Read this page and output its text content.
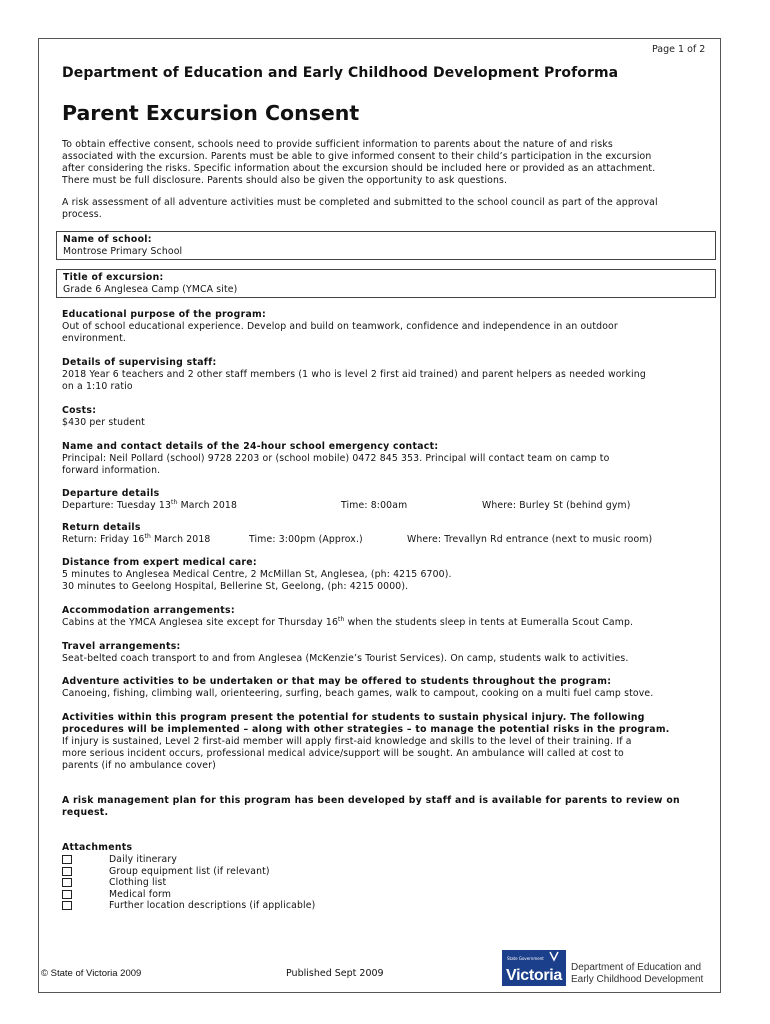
Page 1 of 2
Department of Education and Early Childhood Development Proforma
Parent Excursion Consent
To obtain effective consent, schools need to provide sufficient information to parents about the nature of and risks
associated with the excursion. Parents must be able to give informed consent to their child’s participation in the excursion
after considering the risks. Specific information about the excursion should be included here or provided as an attachment.
There must be full disclosure. Parents should also be given the opportunity to ask questions.
A risk assessment of all adventure activities must be completed and submitted to the school council as part of the approval
process.
Name of school:
Montrose Primary School
Title of excursion:
Grade 6 Anglesea Camp (YMCA site)
Educational purpose of the program:
Out of school educational experience. Develop and build on teamwork, confidence and independence in an outdoor
environment.
Details of supervising staff:
2018 Year 6 teachers and 2 other staff members (1 who is level 2 first aid trained) and parent helpers as needed working
on a 1:10 ratio
Costs:
$430 per student
Name and contact details of the 24-hour school emergency contact:
Principal: Neil Pollard (school) 9728 2203 or (school mobile) 0472 845 353. Principal will contact team on camp to
forward information.
Departure details
Departure: Tuesday 13th March 2018	Time: 8:00am	Where: Burley St (behind gym)
Return details
Return: Friday 16th March 2018	Time: 3:00pm (Approx.)	Where: Trevallyn Rd entrance (next to music room)
Distance from expert medical care:
5 minutes to Anglesea Medical Centre, 2 McMillan St, Anglesea, (ph: 4215 6700).
30 minutes to Geelong Hospital, Bellerine St, Geelong, (ph: 4215 0000).
Accommodation arrangements:
Cabins at the YMCA Anglesea site except for Thursday 16th when the students sleep in tents at Eumeralla Scout Camp.
Travel arrangements:
Seat-belted coach transport to and from Anglesea (McKenzie’s Tourist Services). On camp, students walk to activities.
Adventure activities to be undertaken or that may be offered to students throughout the program:
Canoeing, fishing, climbing wall, orienteering, surfing, beach games, walk to campout, cooking on a multi fuel camp stove.
Activities within this program present the potential for students to sustain physical injury. The following
procedures will be implemented – along with other strategies – to manage the potential risks in the program.
If injury is sustained, Level 2 first-aid member will apply first-aid knowledge and skills to the level of their training. If a
more serious incident occurs, professional medical advice/support will be sought. An ambulance will called at cost to
parents (if no ambulance cover)
A risk management plan for this program has been developed by staff and is available for parents to review on
request.
Attachments
Daily itinerary
Group equipment list (if relevant)
Clothing list
Medical form
Further location descriptions (if applicable)
© State of Victoria 2009	Published Sept 2009
State Government
Victoria Department of Education and
Early Childhood Development
